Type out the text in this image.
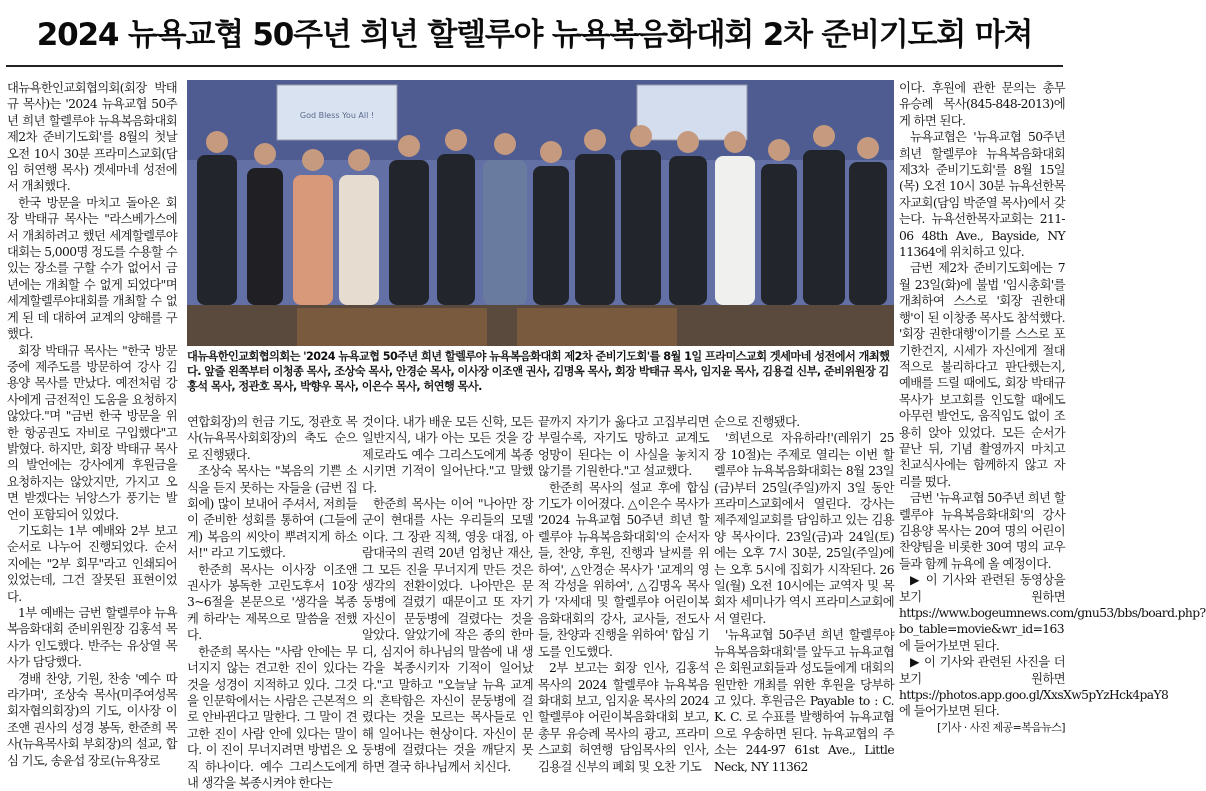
2024 뉴욕교협 50주년 희년 할렐루야 뉴욕복음화대회 2차 준비기도회 마쳐

대뉴욕한인교회협의회(회장 박태규 목사)는 '2024 뉴욕교협 50주년 희년 할렐루야 뉴욕복음화대회 제2차 준비기도회'를 8월의 첫날 오전 10시 30분 프라미스교회(담임 허연행 목사) 겟세마네 성전에서 개최했다.

한국 방문을 마치고 돌아온 회장 박태규 목사는 "라스베가스에서 개최하려고 했던 세계할렐루야대회는 5,000명 정도를 수용할 수 있는 장소를 구할 수가 없어서 금년에는 개최할 수 없게 되었다"며 세계할렐루야대회를 개최할 수 없게 된 데 대하여 교계의 양해를 구했다.

회장 박태규 목사는 "한국 방문 중에 제주도를 방문하여 강사 김용양 목사를 만났다. 예전처럼 강사에게 금전적인 도움을 요청하지 않았다."며 "금번 한국 방문을 위한 항공권도 자비로 구입했다"고 밝혔다. 하지만, 회장 박태규 목사의 발언에는 강사에게 후원금을 요청하지는 않았지만, 가지고 오면 받겠다는 뉘앙스가 풍기는 발언이 포함되어 있었다.

기도회는 1부 예배와 2부 보고 순서로 나누어 진행되었다. 순서지에는 "2부 회무"라고 인쇄되어 있었는데, 그건 잘못된 표현이었다.

1부 예배는 금번 할렐루야 뉴욕복음화대회 준비위원장 김홍석 목사가 인도했다. 반주는 유상열 목사가 담당했다.

경배 찬양, 기원, 찬송 '예수 따라가며', 조상숙 목사(미주여성목회자협의회장)의 기도, 이사장 이조앤 권사의 성경 봉독, 한준희 목사(뉴욕목사회 부회장)의 설교, 합심 기도, 송윤섭 장로(뉴욕장로

God Bless You All !
대뉴욕한인교회협의회는 '2024 뉴욕교협 50주년 희년 할렐루야 뉴욕복음화대회 제2차 준비기도회'를 8월 1일 프라미스교회 겟세마네 성전에서 개최했다. 앞줄 왼쪽부터 이청종 목사, 조상숙 목사, 안경순 목사, 이사장 이조앤 권사, 김명옥 목사, 회장 박태규 목사, 임지윤 목사, 김용걸 신부, 준비위원장 김홍석 목사, 정관호 목사, 박향우 목사, 이은수 목사, 허연행 목사.

연합회장)의 헌금 기도, 정관호 목사(뉴욕목사회회장)의 축도 순으로 진행됐다.

조상숙 목사는 "복음의 기쁜 소식을 듣지 못하는 자들을 (금번 집회에) 많이 보내어 주셔서, 저희들이 준비한 성회를 통하여 (그들에게) 복음의 씨앗이 뿌려지게 하소서!" 라고 기도했다.

한준희 목사는 이사장 이조앤 권사가 봉독한 고린도후서 10장 3~6절을 본문으로 '생각을 복종케 하라'는 제목으로 말씀을 전했다.

한준희 목사는 "사람 안에는 무너지지 않는 견고한 진이 있다는 것을 성경이 지적하고 있다. 그것을 인문학에서는 사람은 근본적으로 안바뀐다고 말한다. 그 말이 견고한 진이 사람 안에 있다는 말이다. 이 진이 무너지려면 방법은 오직 하나이다. 예수 그리스도에게 내 생각을 복종시켜야 한다는

것이다. 내가 배운 모든 신학, 모든 일반지식, 내가 아는 모든 것을 강제로라도 예수 그리스도에게 복종시키면 기적이 일어난다."고 말했다.

한준희 목사는 이어 "나아만 장군이 현대를 사는 우리들의 모델이다. 그 장관 직책, 영웅 대접, 아람대국의 권력 20년 엄청난 재산, 그 모든 진을 무너지게 만든 것은 생각의 전환이었다. 나아만은 문둥병에 걸렸기 때문이고 또 자기 자신이 문둥병에 걸렸다는 것을 알았다. 알았기에 작은 종의 한마디, 심지어 하나님의 말씀에 내 생각을 복종시키자 기적이 일어났다."고 말하고 "오늘날 뉴욕 교계의 흔탁함은 자신이 문둥병에 걸렸다는 것을 모르는 목사들로 인해 일어나는 현상이다. 자신이 문둥병에 걸렸다는 것을 깨닫지 못하면 결국 하나님께서 치신다.

끝까지 자기가 옳다고 고집부리면 부릴수록, 자기도 망하고 교계도 엉망이 된다는 이 사실을 놓치지 않기를 기원한다."고 설교했다.

한준희 목사의 설교 후에 합심 기도가 이어졌다. △이은수 목사가 '2024 뉴욕교협 50주년 희년 할렐루야 뉴욕복음화대회'의 순서자들, 찬양, 후원, 진행과 날씨를 위하여', △안경순 목사가 '교계의 영적 각성을 위하여', △김명옥 목사가 '자세대 및 할렐루야 어린이복음화대회의 강사, 교사들, 전도사들, 찬양과 진행을 위하여' 합심 기도를 인도했다.

2부 보고는 회장 인사, 김홍석 목사의 2024 할렐루야 뉴욕복음화대회 보고, 임지윤 목사의 2024 할렐루야 어린이복음화대회 보고, 총무 유승례 목사의 광고, 프라미스교회 허연행 담임목사의 인사, 김용걸 신부의 폐회 및 오찬 기도

순으로 진행됐다.

'희년으로 자유하라!'(레위기 25장 10절)는 주제로 열리는 이번 할렐루야 뉴욕복음화대회는 8월 23일(금)부터 25일(주일)까지 3일 동안 프라미스교회에서 열린다. 강사는 제주제일교회를 담임하고 있는 김용양 목사이다. 23일(금)과 24일(토)에는 오후 7시 30분, 25일(주일)에는 오후 5시에 집회가 시작된다. 26일(월) 오전 10시에는 교역자 및 목회자 세미나가 역시 프라미스교회에서 열린다.

'뉴욕교협 50주년 희년 할렐루야 뉴욕복음화대회'를 앞두고 뉴욕교협은 회원교회들과 성도들에게 대회의 원만한 개최를 위한 후원을 당부하고 있다. 후원금은 Payable to : C. K. C. 로 수표를 발행하여 뉴욕교협으로 우송하면 된다. 뉴욕교협의 주소는 244-97 61st Ave., Little Neck, NY 11362

이다. 후원에 관한 문의는 총무 유승례 목사(845-848-2013)에게 하면 된다.

뉴욕교협은 '뉴욕교협 50주년 희년 할렐루야 뉴욕복음화대회 제3차 준비기도회'를 8월 15일(목) 오전 10시 30분 뉴욕선한목자교회(담임 박준열 목사)에서 갖는다. 뉴욕선한목자교회는 211-06 48th Ave., Bayside, NY 11364에 위치하고 있다.

금번 제2차 준비기도회에는 7월 23일(화)에 불법 '임시총회'를 개최하여 스스로 '회장 권한대행'이 된 이창종 목사도 참석했다. '회장 권한대행'이기를 스스로 포기한건지, 시세가 자신에게 절대적으로 불리하다고 판단했는지, 예배를 드릴 때에도, 회장 박태규 목사가 보고회를 인도할 때에도 아무런 발언도, 움직임도 없이 조용히 앉아 있었다. 모든 순서가 끝난 뒤, 기념 촬영까지 마치고 친교식사에는 함께하지 않고 자리를 떴다.

금번 '뉴욕교협 50주년 희년 할렐루야 뉴욕복음화대회'의 강사 김용양 목사는 20여 명의 어린이 찬양팀을 비롯한 30여 명의 교우들과 함께 뉴욕에 올 예정이다.

▶ 이 기사와 관련된 동영상을 보기 원하면 https://www.bogeumnews.com/gnu53/bbs/board.php?bo_table=movie&wr_id=163에 들어가보면 된다.

▶ 이 기사와 관련된 사진을 더 보기 원하면 https://photos.app.goo.gl/XxsXw5pYzHck4paY8에 들어가보면 된다.

[기사 · 사진 제공=복음뉴스]
